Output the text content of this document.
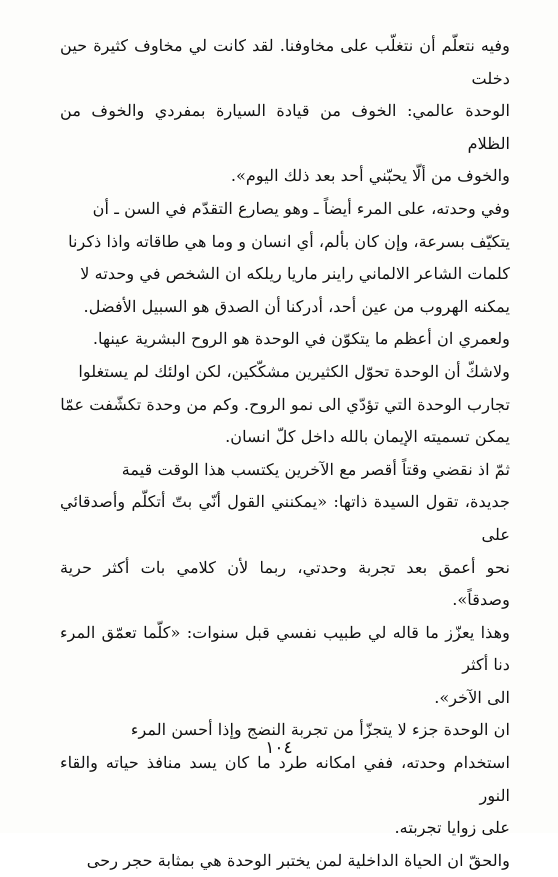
وفيه نتعلّم أن نتغلّب على مخاوفنا. لقد كانت لي مخاوف كثيرة حين دخلت

الوحدة عالمي: الخوف من قيادة السيارة بمفردي والخوف من الظلام

والخوف من ألّا يحبّني أحد بعد ذلك اليوم».

وفي وحدته، على المرء أيضاً ـ وهو يصارع التقدّم في السن ـ أن

يتكيّف بسرعة، وإن كان بألم، أي انسان و وما هي طاقاته واذا ذكرنا

كلمات الشاعر الالماني راينر ماريا ريلكه ان الشخص في وحدته لا

يمكنه الهروب من عين أحد، أدركنا أن الصدق هو السبيل الأفضل.

ولعمري ان أعظم ما يتكوّن في الوحدة هو الروح البشرية عينها.

ولاشكّ أن الوحدة تحوّل الكثيرين مشكّكين، لكن اولئك لم يستغلوا

تجارب الوحدة التي تؤدّي الى نمو الروح. وكم من وحدة تكشّفت عمّا

يمكن تسميته الإيمان بالله داخل كلّ انسان.

ثمّ اذ نقضي وقتاً أقصر مع الآخرين يكتسب هذا الوقت قيمة

جديدة، تقول السيدة ذاتها: «يمكنني القول أنّي بتّ أتكلّم وأصدقائي على

نحو أعمق بعد تجربة وحدتي، ربما لأن كلامي بات أكثر حرية وصدقاً».

وهذا يعزّز ما قاله لي طبيب نفسي قبل سنوات: «كلّما تعمّق المرء دنا أكثر

الى الآخر».

ان الوحدة جزء لا يتجزّأ من تجربة النضج وإذا أحسن المرء

استخدام وحدته، ففي امكانه طرد ما كان يسد منافذ حياته والقاء النور

على زوايا تجربته.

والحقّ ان الحياة الداخلية لمن يختبر الوحدة هي بمثابة حجر رحى

١٠٤
